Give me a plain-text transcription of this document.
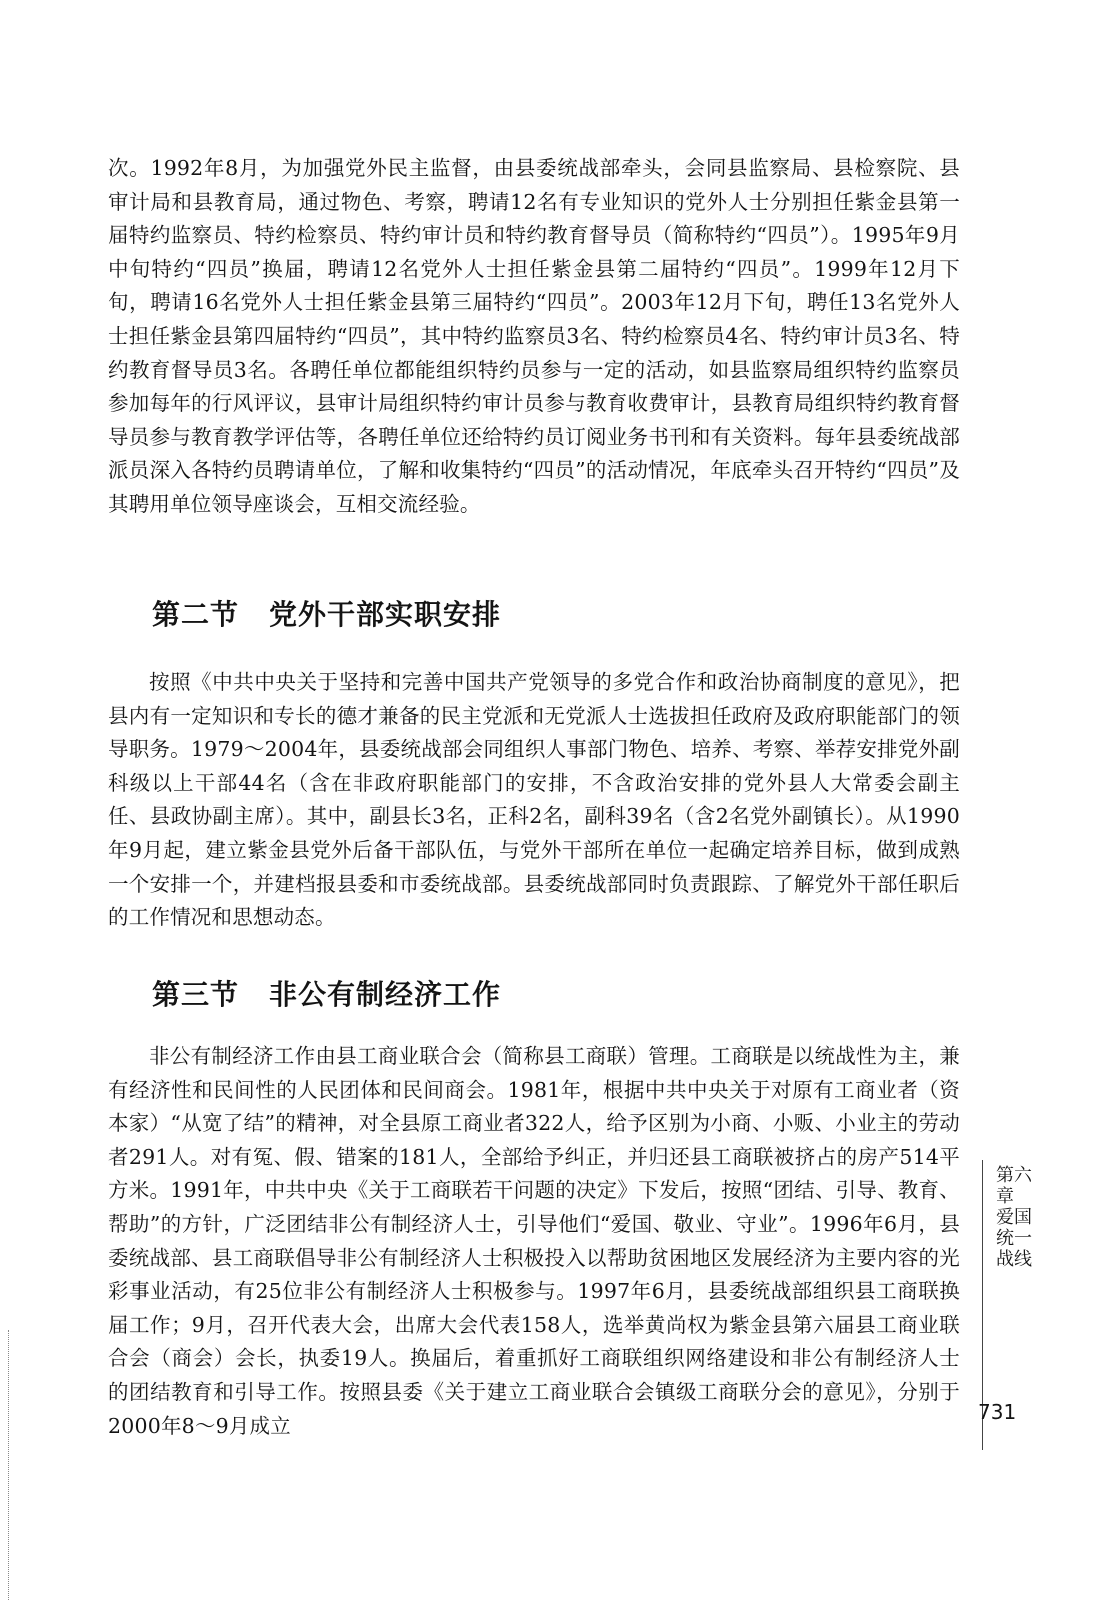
次。1992年8月，为加强党外民主监督，由县委统战部牵头，会同县监察局、县检察院、县审计局和县教育局，通过物色、考察，聘请12名有专业知识的党外人士分别担任紫金县第一届特约监察员、特约检察员、特约审计员和特约教育督导员（简称特约“四员”）。1995年9月中旬特约“四员”换届，聘请12名党外人士担任紫金县第二届特约“四员”。1999年12月下旬，聘请16名党外人士担任紫金县第三届特约“四员”。2003年12月下旬，聘任13名党外人士担任紫金县第四届特约“四员”，其中特约监察员3名、特约检察员4名、特约审计员3名、特约教育督导员3名。各聘任单位都能组织特约员参与一定的活动，如县监察局组织特约监察员参加每年的行风评议，县审计局组织特约审计员参与教育收费审计，县教育局组织特约教育督导员参与教育教学评估等，各聘任单位还给特约员订阅业务书刊和有关资料。每年县委统战部派员深入各特约员聘请单位，了解和收集特约“四员”的活动情况，年底牵头召开特约“四员”及其聘用单位领导座谈会，互相交流经验。

第二节 党外干部实职安排

按照《中共中央关于坚持和完善中国共产党领导的多党合作和政治协商制度的意见》，把县内有一定知识和专长的德才兼备的民主党派和无党派人士选拔担任政府及政府职能部门的领导职务。1979～2004年，县委统战部会同组织人事部门物色、培养、考察、举荐安排党外副科级以上干部44名（含在非政府职能部门的安排，不含政治安排的党外县人大常委会副主任、县政协副主席）。其中，副县长3名，正科2名，副科39名（含2名党外副镇长）。从1990年9月起，建立紫金县党外后备干部队伍，与党外干部所在单位一起确定培养目标，做到成熟一个安排一个，并建档报县委和市委统战部。县委统战部同时负责跟踪、了解党外干部任职后的工作情况和思想动态。

第三节 非公有制经济工作

非公有制经济工作由县工商业联合会（简称县工商联）管理。工商联是以统战性为主，兼有经济性和民间性的人民团体和民间商会。1981年，根据中共中央关于对原有工商业者（资本家）“从宽了结”的精神，对全县原工商业者322人，给予区别为小商、小贩、小业主的劳动者291人。对有冤、假、错案的181人，全部给予纠正，并归还县工商联被挤占的房产514平方米。1991年，中共中央《关于工商联若干问题的决定》下发后，按照“团结、引导、教育、帮助”的方针，广泛团结非公有制经济人士，引导他们“爱国、敬业、守业”。1996年6月，县委统战部、县工商联倡导非公有制经济人士积极投入以帮助贫困地区发展经济为主要内容的光彩事业活动，有25位非公有制经济人士积极参与。1997年6月，县委统战部组织县工商联换届工作；9月，召开代表大会，出席大会代表158人，选举黄尚权为紫金县第六届县工商业联合会（商会）会长，执委19人。换届后，着重抓好工商联组织网络建设和非公有制经济人士的团结教育和引导工作。按照县委《关于建立工商业联合会镇级工商联分会的意见》，分别于2000年8～9月成立

第六章
爱国统一战线
731
